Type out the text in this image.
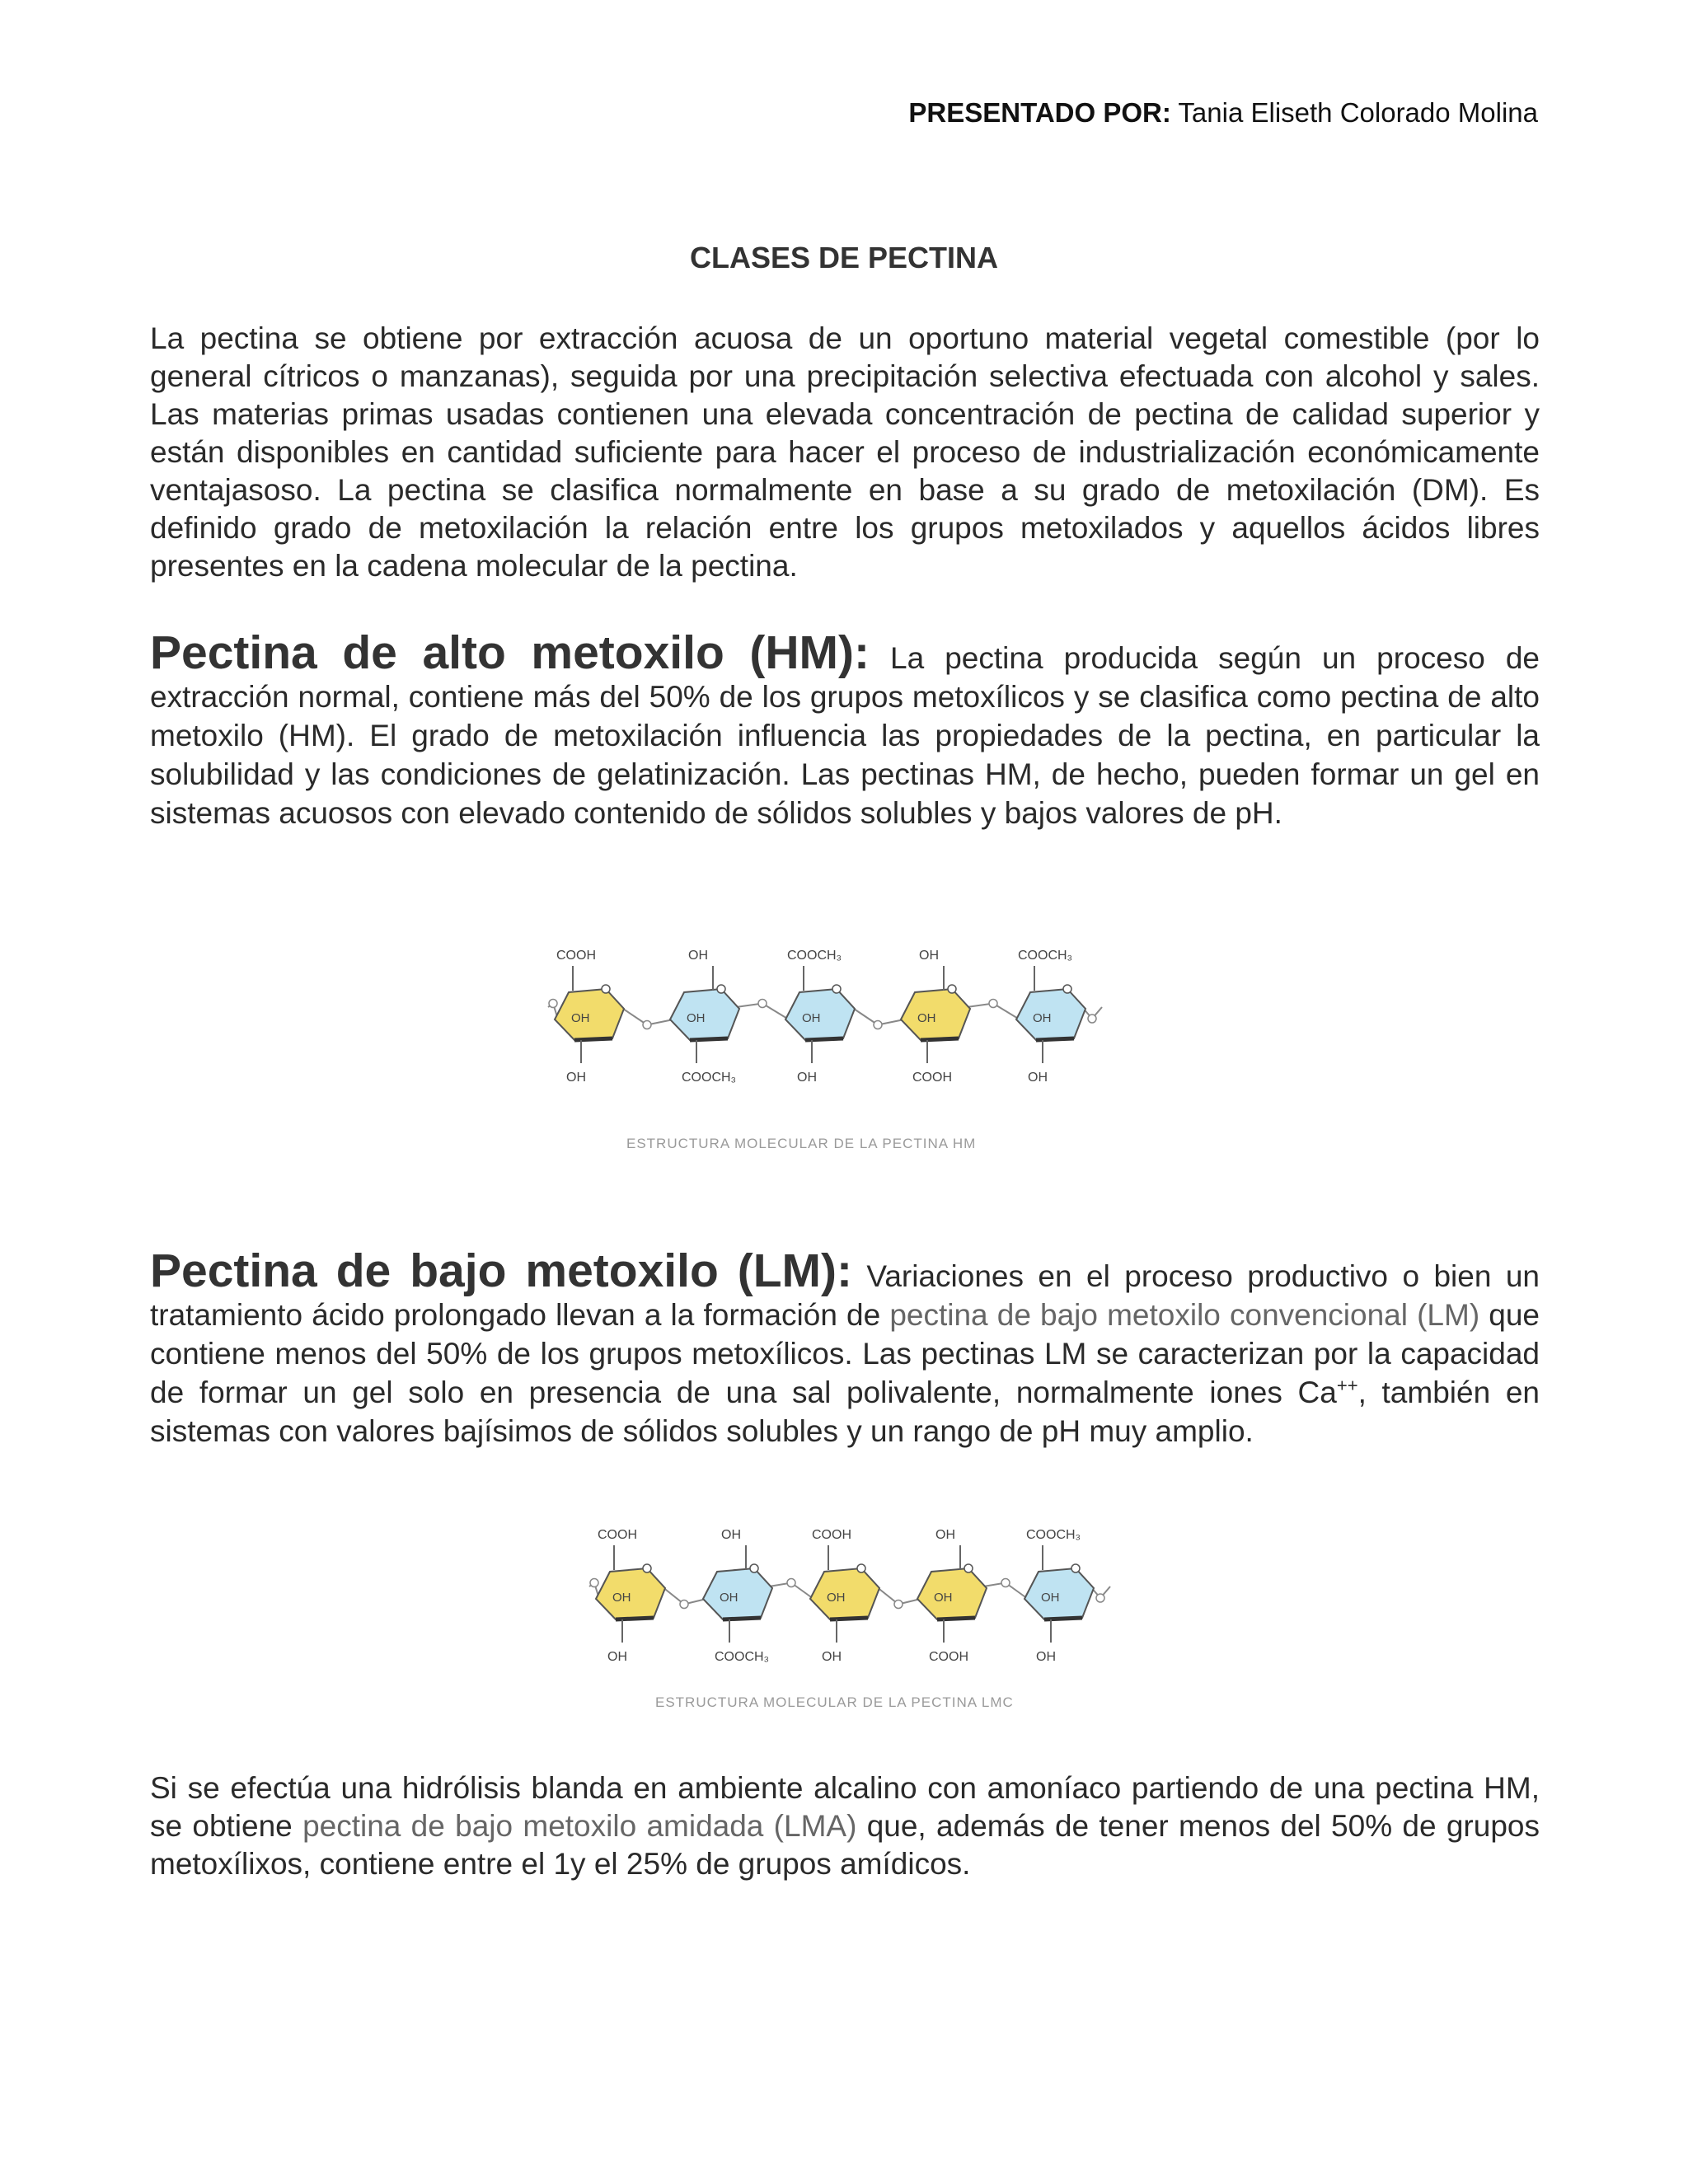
PRESENTADO POR: Tania Eliseth Colorado Molina
CLASES DE PECTINA

La pectina se obtiene por extracción acuosa de un oportuno material vegetal comestible (por lo general cítricos o manzanas), seguida por una precipitación selectiva efectuada con alcohol y sales. Las materias primas usadas contienen una elevada concentración de pectina de calidad superior y están disponibles en cantidad suficiente para hacer el proceso de industrialización económicamente ventajasoso. La pectina se clasifica normalmente en base a su grado de metoxilación (DM). Es definido grado de metoxilación la relación entre los grupos metoxilados y aquellos ácidos libres presentes en la cadena molecular de la pectina.

Pectina de alto metoxilo (HM): La pectina producida según un proceso de extracción normal, contiene más del 50% de los grupos metoxílicos y se clasifica como pectina de alto metoxilo (HM). El grado de metoxilación influencia las propiedades de la pectina, en particular la solubilidad y las condiciones de gelatinización. Las pectinas HM, de hecho, pueden formar un gel en sistemas acuosos con elevado contenido de sólidos solubles y bajos valores de pH.

OH
COOH
OH
OH
OH
COOCH₃
OH
COOCH₃
OH
OH
OH
COOH
OH
COOCH₃
OH
ESTRUCTURA MOLECULAR DE LA PECTINA HM

Pectina de bajo metoxilo (LM): Variaciones en el proceso productivo o bien un tratamiento ácido prolongado llevan a la formación de pectina de bajo metoxilo convencional (LM) que contiene menos del 50% de los grupos metoxílicos. Las pectinas LM se caracterizan por la capacidad de formar un gel solo en presencia de una sal polivalente, normalmente iones Ca++, también en sistemas con valores bajísimos de sólidos solubles y un rango de pH muy amplio.

OH
COOH
OH
OH
OH
COOCH₃
OH
COOH
OH
OH
OH
COOH
OH
COOCH₃
OH
ESTRUCTURA MOLECULAR DE LA PECTINA LMC

Si se efectúa una hidrólisis blanda en ambiente alcalino con amoníaco partiendo de una pectina HM, se obtiene pectina de bajo metoxilo amidada (LMA) que, además de tener menos del 50% de grupos metoxílixos, contiene entre el 1y el 25% de grupos amídicos.
